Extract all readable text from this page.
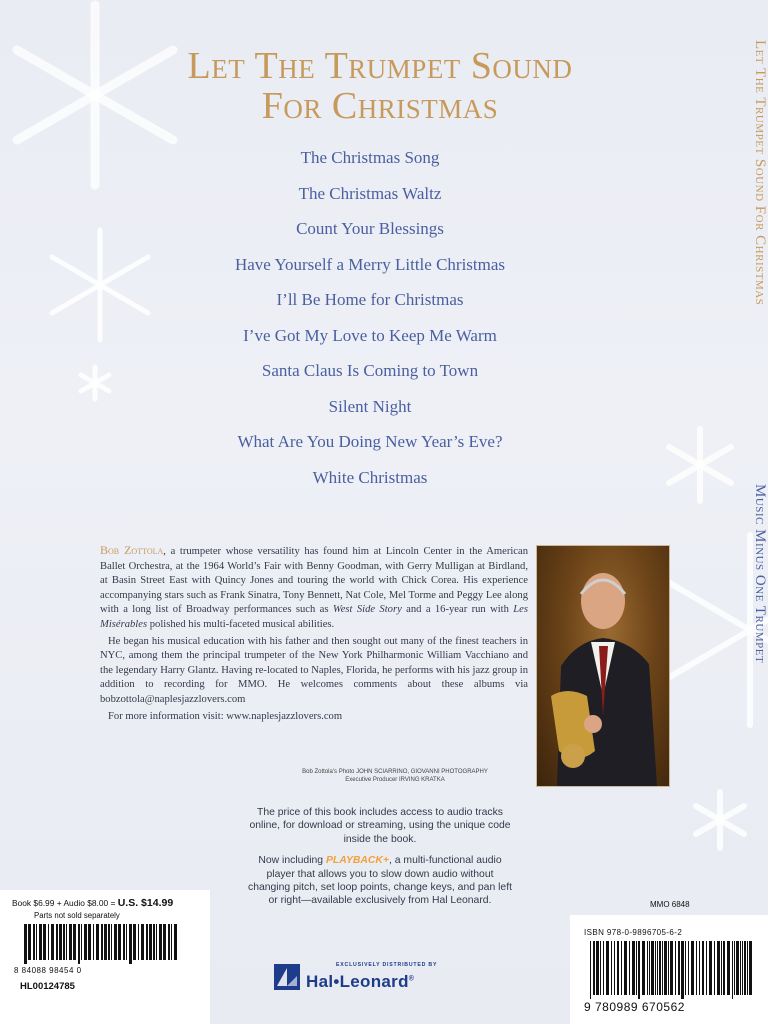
Let The Trumpet Sound
For Christmas
The Christmas Song
The Christmas Waltz
Count Your Blessings
Have Yourself a Merry Little Christmas
I’ll Be Home for Christmas
I’ve Got My Love to Keep Me Warm
Santa Claus Is Coming to Town
Silent Night
What Are You Doing New Year’s Eve?
White Christmas
Let The Trumpet Sound For Christmas
Music Minus One Trumpet

Bob Zottola, a trumpeter whose versatility has found him at Lincoln Center in the American Ballet Orchestra, at the 1964 World’s Fair with Benny Goodman, with Gerry Mulligan at Birdland, at Basin Street East with Quincy Jones and touring the world with Chick Corea. His experience accompanying stars such as Frank Sinatra, Tony Bennett, Nat Cole, Mel Torme and Peggy Lee along with a long list of Broadway performances such as West Side Story and a 16-year run with Les Misérables polished his multi-faceted musical abilities.

He began his musical education with his father and then sought out many of the finest teachers in NYC, among them the principal trumpeter of the New York Philharmonic William Vacchiano and the legendary Harry Glantz. Having re-located to Naples, Florida, he performs with his jazz group in addition to recording for MMO. He welcomes comments about these albums via bobzottola@naplesjazzlovers.com

For more information visit: www.naplesjazzlovers.com

Bob Zottola’s Photo JOHN SCIARRINO, GIOVANNI PHOTOGRAPHY
Executive Producer IRVING KRATKA

The price of this book includes access to audio tracks online, for download or streaming, using the unique code inside the book.

Now including PLAYBACK+, a multi-functional audio player that allows you to slow down audio without changing pitch, set loop points, change keys, and pan left or right—available exclusively from Hal Leonard.

Book $6.99 + Audio $8.00 = U.S. $14.99
Parts not sold separately
8 84088 98454 0
HL00124785
MMO 6848
ISBN 978-0-9896705-6-2
9 780989 670562
EXCLUSIVELY DISTRIBUTED BY
Hal•Leonard®
